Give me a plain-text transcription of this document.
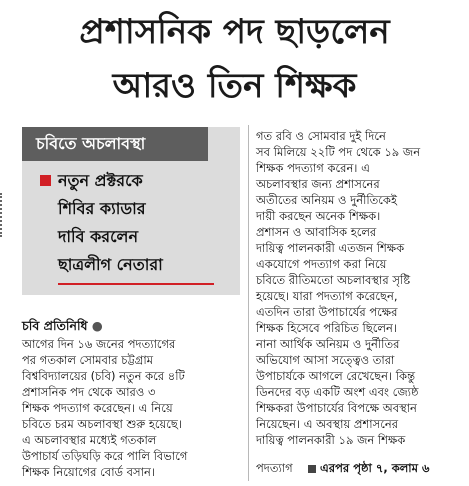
প্রশাসনিক পদ ছাড়লেন
আরও তিন শিক্ষক
চবিতে অচলাবস্থা
নতুন প্রক্টরকে
শিবির ক্যাডার
দাবি করলেন
ছাত্রলীগ নেতারা
চবি প্রতিনিধি ●
আগের দিন ১৬ জনের পদত্যাগের
পর গতকাল সোমবার চট্টগ্রাম
বিশ্ববিদ্যালয়ের (চবি) নতুন করে ৪টি
প্রশাসনিক পদ থেকে আরও ৩
শিক্ষক পদত্যাগ করেছেন। এ নিয়ে
চবিতে চরম অচলাবস্থা শুরু হয়েছে।
এ অচলাবস্থার মধ্যেই গতকাল
উপাচার্য তড়িঘড়ি করে পালি বিভাগে
শিক্ষক নিয়োগের বোর্ড বসান।
গত রবি ও সোমবার দুই দিনে
সব মিলিয়ে ২২টি পদ থেকে ১৯ জন
শিক্ষক পদত্যাগ করেন। এ
অচলাবস্থার জন্য প্রশাসনের
অতীতের অনিয়ম ও দুর্নীতিকেই
দায়ী করছেন অনেক শিক্ষক।
প্রশাসন ও আবাসিক হলের
দায়িত্ব পালনকারী এতজন শিক্ষক
একযোগে পদত্যাগ করা নিয়ে
চবিতে রীতিমতো অচলাবস্থার সৃষ্টি
হয়েছে। যারা পদত্যাগ করেছেন,
এতদিন তারা উপাচার্যের পক্ষের
শিক্ষক হিসেবে পরিচিত ছিলেন।
নানা আর্থিক অনিয়ম ও দুর্নীতির
অভিযোগ আসা সত্ত্বেও তারা
উপাচার্যকে আগলে রেখেছেন। কিন্তু
ডিনদের বড় একটি অংশ এবং জ্যেষ্ঠ
শিক্ষকরা উপাচার্যের বিপক্ষে অবস্থান
নিয়েছেন। এ অবস্থায় প্রশাসনের
দায়িত্ব পালনকারী ১৯ জন শিক্ষক
পদত্যাগ এরপর পৃষ্ঠা ৭, কলাম ৬
